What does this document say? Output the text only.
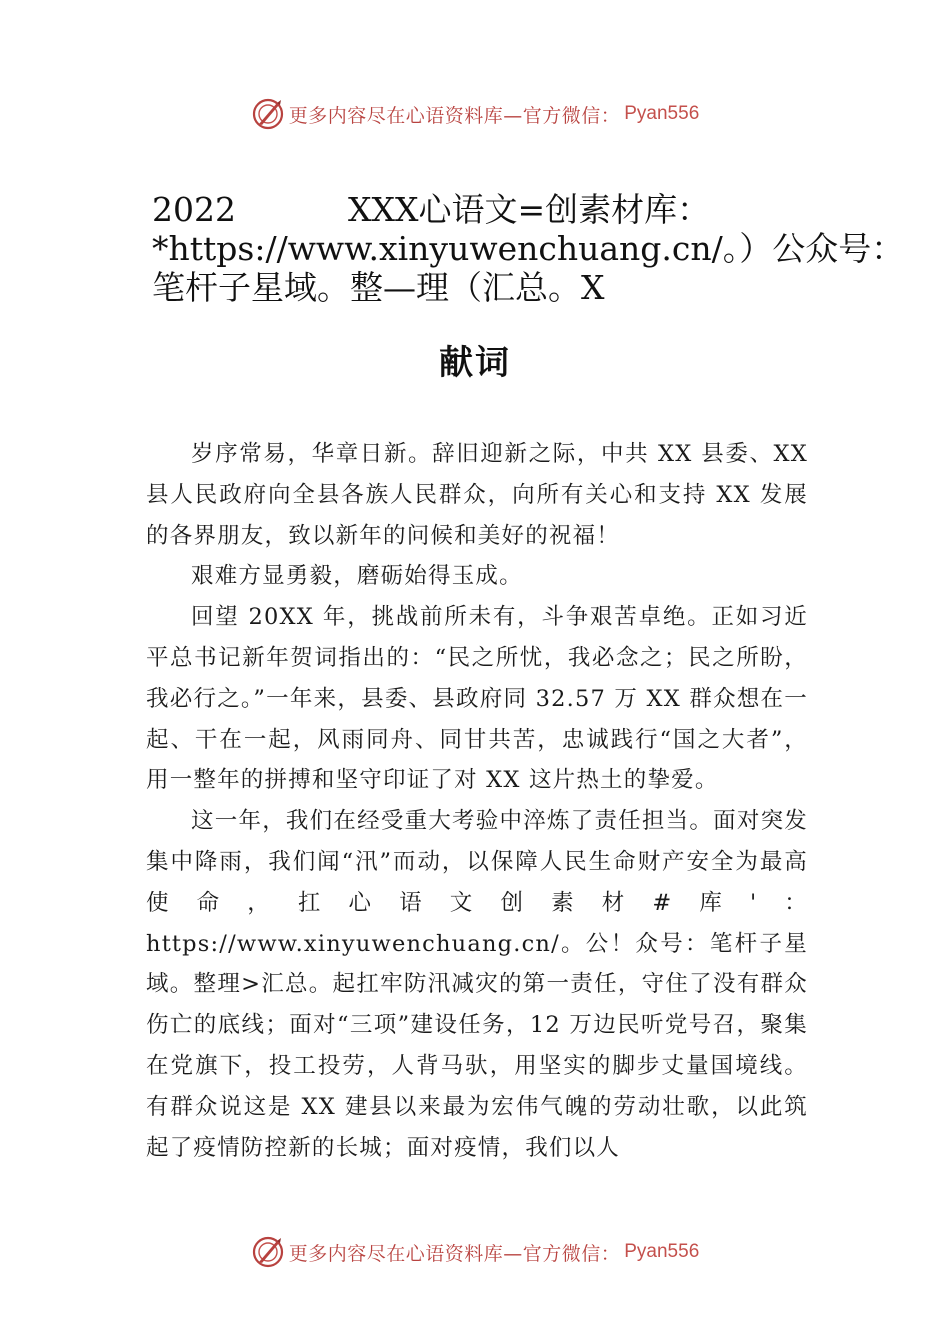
更多内容尽在心语资料库—官方微信： Pyan556
2022	XXX心语文=创素材库：
*https://www.xinyuwenchuang.cn/。）公众号：
笔杆子星域。整—理（汇总。X
献词

岁序常易，华章日新。辞旧迎新之际，中共 XX 县委、XX 县人民政府向全县各族人民群众，向所有关心和支持 XX 发展的各界朋友，致以新年的问候和美好的祝福！

艰难方显勇毅，磨砺始得玉成。

回望 20XX 年，挑战前所未有，斗争艰苦卓绝。正如习近平总书记新年贺词指出的：“民之所忧，我必念之；民之所盼，我必行之。”一年来，县委、县政府同 32.57 万 XX 群众想在一起、干在一起，风雨同舟、同甘共苦，忠诚践行“国之大者”，用一整年的拼搏和坚守印证了对 XX 这片热土的挚爱。

这一年，我们在经受重大考验中淬炼了责任担当。面对突发集中降雨，我们闻“汛”而动，以保障人民生命财产安全为最高使命，扛心语文创素材#库'：https://www.xinyuwenchuang.cn/。公！众号：笔杆子星域。整理>汇总。起扛牢防汛减灾的第一责任，守住了没有群众伤亡的底线；面对“三项”建设任务，12 万边民听党号召，聚集在党旗下，投工投劳，人背马驮，用坚实的脚步丈量国境线。有群众说这是 XX 建县以来最为宏伟气魄的劳动壮歌，以此筑起了疫情防控新的长城；面对疫情，我们以人

更多内容尽在心语资料库—官方微信： Pyan556
